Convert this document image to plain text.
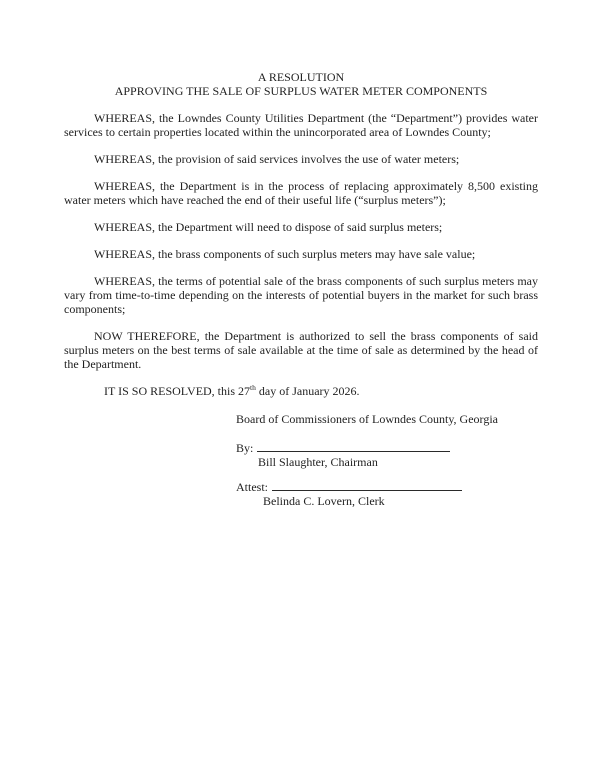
A RESOLUTION
APPROVING THE SALE OF SURPLUS WATER METER COMPONENTS

WHEREAS, the Lowndes County Utilities Department (the “Department”) provides water services to certain properties located within the unincorporated area of Lowndes County;

WHEREAS, the provision of said services involves the use of water meters;

WHEREAS, the Department is in the process of replacing approximately 8,500 existing water meters which have reached the end of their useful life (“surplus meters”);

WHEREAS, the Department will need to dispose of said surplus meters;

WHEREAS, the brass components of such surplus meters may have sale value;

WHEREAS, the terms of potential sale of the brass components of such surplus meters may vary from time-to-time depending on the interests of potential buyers in the market for such brass components;

NOW THEREFORE, the Department is authorized to sell the brass components of said surplus meters on the best terms of sale available at the time of sale as determined by the head of the Department.

IT IS SO RESOLVED, this 27th day of January 2026.

Board of Commissioners of Lowndes County, Georgia

By:

Bill Slaughter, Chairman

Attest:

Belinda C. Lovern, Clerk
